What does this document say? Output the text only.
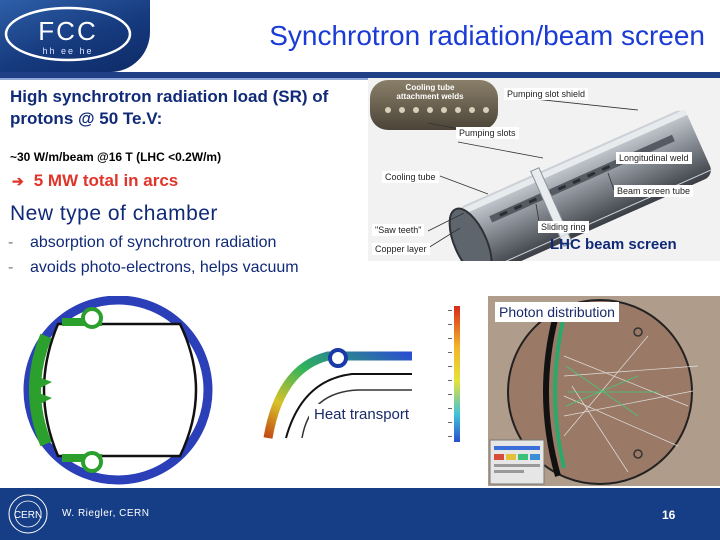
FCC
hh ee he	Synchrotron radiation/beam screen
High synchrotron radiation load (SR) of protons @ 50 Te.V:
~30 W/m/beam @16 T (LHC <0.2W/m)
➔ 5 MW total in arcs
New type of chamber
- absorption of synchrotron radiation
- avoids photo-electrons, helps vacuum
Cooling tube attachment welds	Pumping slot shield
Pumping slots
Longitudinal weld
Cooling tube
Beam screen tube
"Saw teeth"	Sliding ring
Copper layer	LHC beam screen
Heat transport
Photon distribution
CERN W. Riegler, CERN	16
